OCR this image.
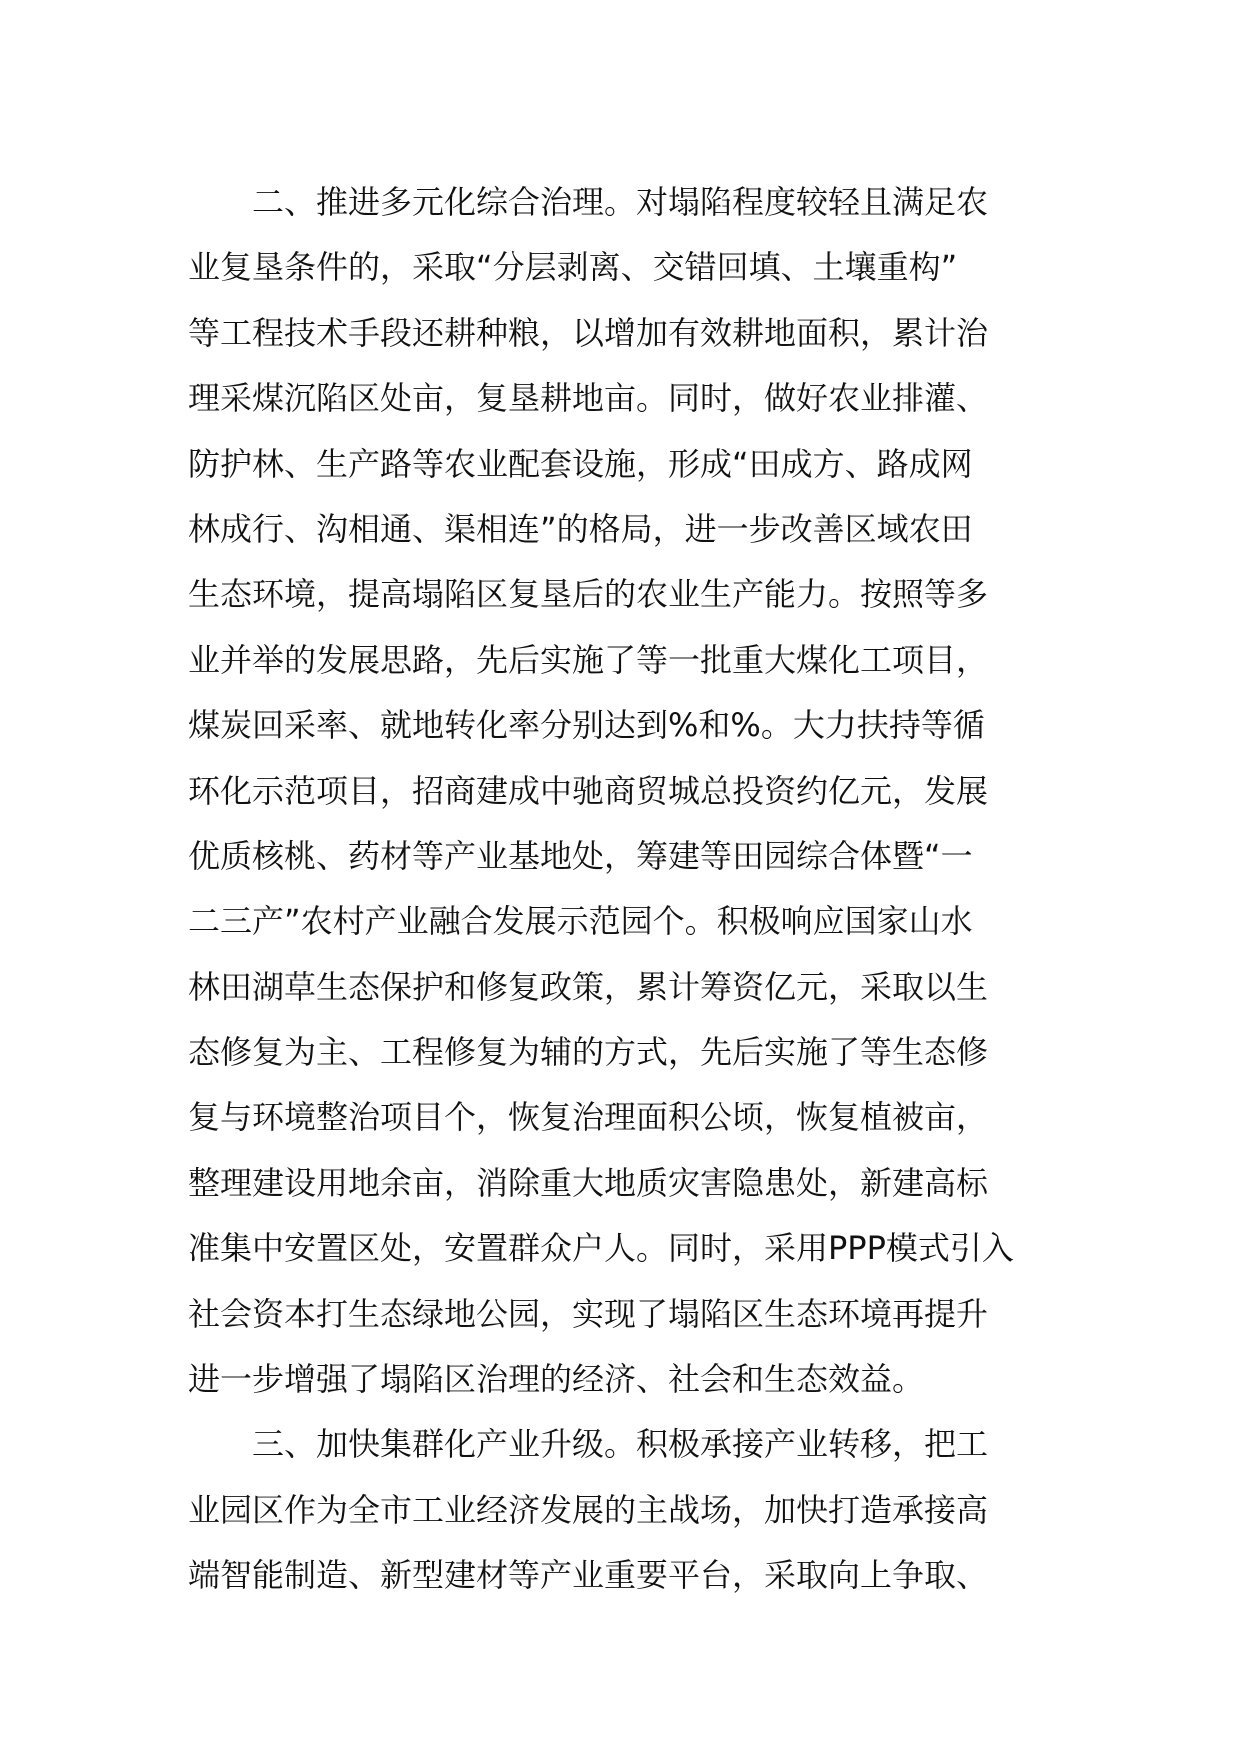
二、推进多元化综合治理。对塌陷程度较轻且满足农
业复垦条件的，采取“分层剥离、交错回填、土壤重构”
等工程技术手段还耕种粮，以增加有效耕地面积，累计治
理采煤沉陷区处亩，复垦耕地亩。同时，做好农业排灌、
防护林、生产路等农业配套设施，形成“田成方、路成网
林成行、沟相通、渠相连”的格局，进一步改善区域农田
生态环境，提高塌陷区复垦后的农业生产能力。按照等多
业并举的发展思路，先后实施了等一批重大煤化工项目，
煤炭回采率、就地转化率分别达到%和%。大力扶持等循
环化示范项目，招商建成中驰商贸城总投资约亿元，发展
优质核桃、药材等产业基地处，筹建等田园综合体暨“一
二三产”农村产业融合发展示范园个。积极响应国家山水
林田湖草生态保护和修复政策，累计筹资亿元，采取以生
态修复为主、工程修复为辅的方式，先后实施了等生态修
复与环境整治项目个，恢复治理面积公顷，恢复植被亩，
整理建设用地余亩，消除重大地质灾害隐患处，新建高标
准集中安置区处，安置群众户人。同时，采用PPP模式引入
社会资本打生态绿地公园，实现了塌陷区生态环境再提升
进一步增强了塌陷区治理的经济、社会和生态效益。
三、加快集群化产业升级。积极承接产业转移，把工
业园区作为全市工业经济发展的主战场，加快打造承接高
端智能制造、新型建材等产业重要平台，采取向上争取、
